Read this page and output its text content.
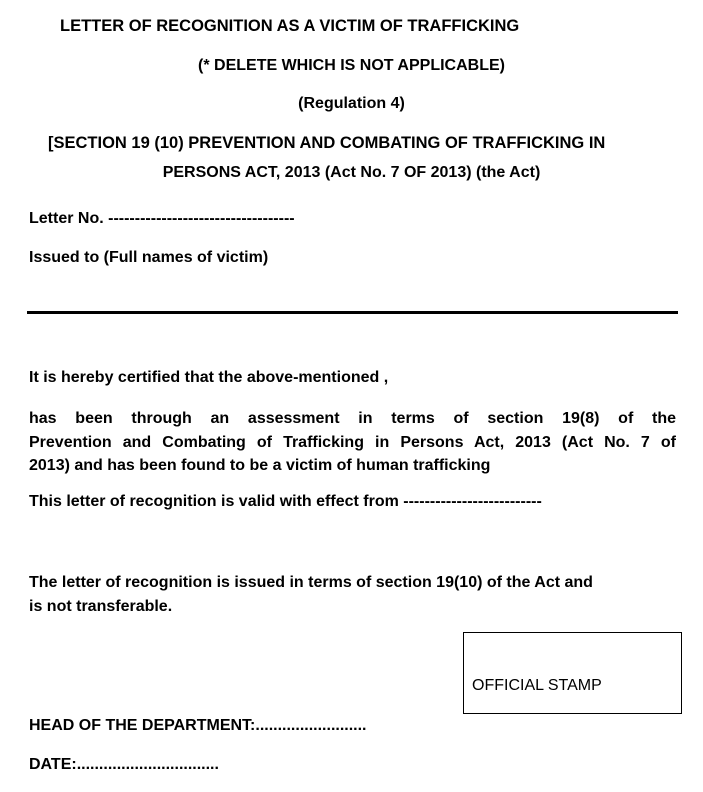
LETTER OF RECOGNITION AS A VICTIM OF TRAFFICKING
(* DELETE WHICH IS NOT APPLICABLE)
(Regulation 4)
[SECTION 19 (10) PREVENTION AND COMBATING OF TRAFFICKING IN
PERSONS ACT, 2013 (Act No. 7 OF 2013) (the Act)
Letter No. -----------------------------------
Issued to (Full names of victim)
It is hereby certified that the above-mentioned ,
has been through an assessment in terms of section 19(8) of the
Prevention and Combating of Trafficking in Persons Act, 2013 (Act No. 7 of
2013) and has been found to be a victim of human trafficking
This letter of recognition is valid with effect from --------------------------
The letter of recognition is issued in terms of section 19(10) of the Act and
is not transferable.
OFFICIAL STAMP
HEAD OF THE DEPARTMENT:.........................
DATE:................................
